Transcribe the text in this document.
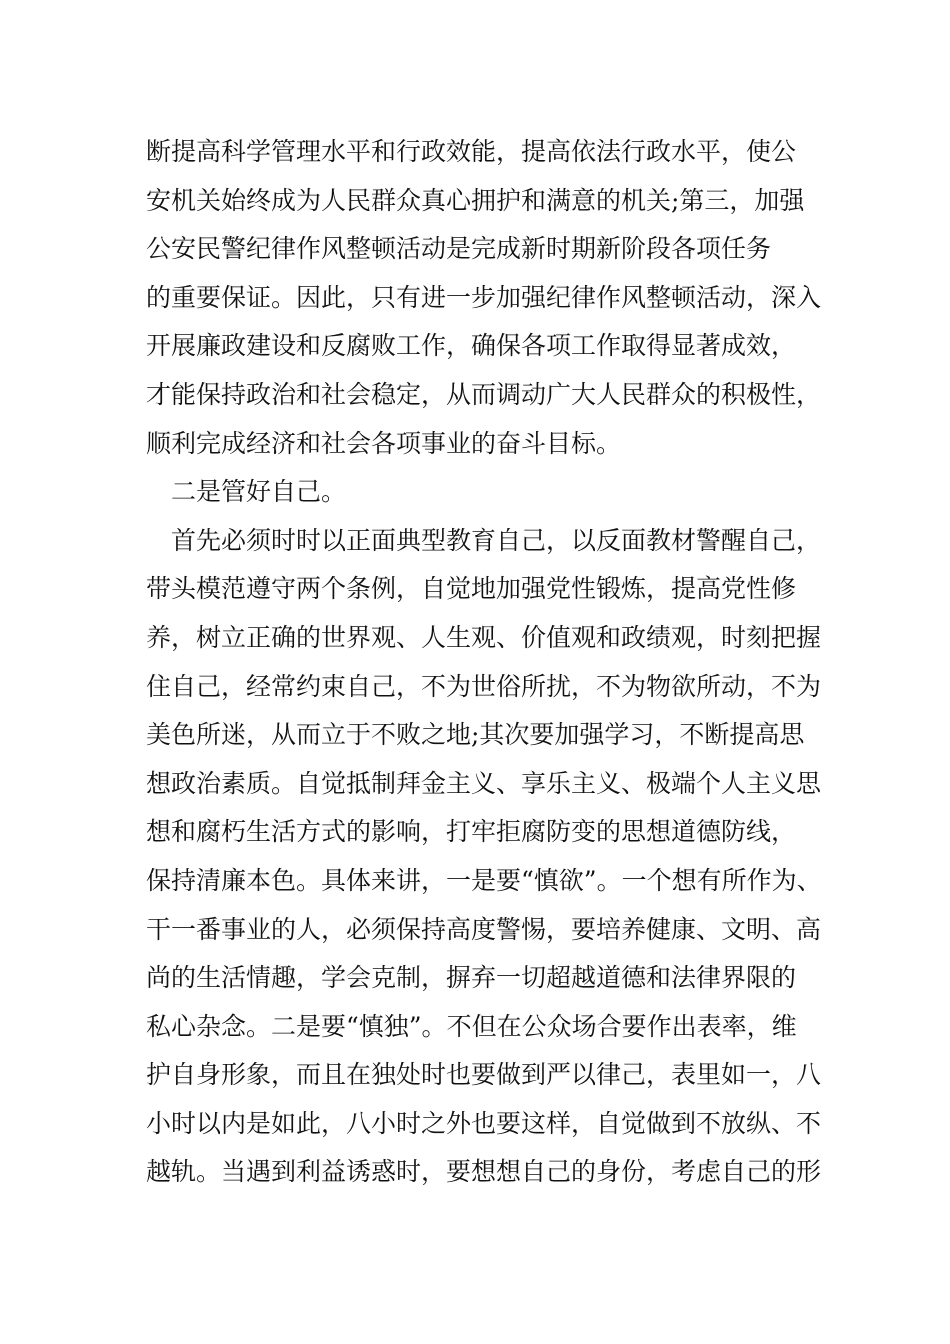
断提高科学管理水平和行政效能，提高依法行政水平，使公
安机关始终成为人民群众真心拥护和满意的机关;第三，加强
公安民警纪律作风整顿活动是完成新时期新阶段各项任务
的重要保证。因此，只有进一步加强纪律作风整顿活动，深入
开展廉政建设和反腐败工作，确保各项工作取得显著成效，
才能保持政治和社会稳定，从而调动广大人民群众的积极性，
顺利完成经济和社会各项事业的奋斗目标。
二是管好自己。
首先必须时时以正面典型教育自己，以反面教材警醒自己，
带头模范遵守两个条例，自觉地加强党性锻炼，提高党性修
养，树立正确的世界观、人生观、价值观和政绩观，时刻把握
住自己，经常约束自己，不为世俗所扰，不为物欲所动，不为
美色所迷，从而立于不败之地;其次要加强学习，不断提高思
想政治素质。自觉抵制拜金主义、享乐主义、极端个人主义思
想和腐朽生活方式的影响，打牢拒腐防变的思想道德防线，
保持清廉本色。具体来讲，一是要“慎欲”。一个想有所作为、
干一番事业的人，必须保持高度警惕，要培养健康、文明、高
尚的生活情趣，学会克制，摒弃一切超越道德和法律界限的
私心杂念。二是要“慎独”。不但在公众场合要作出表率，维
护自身形象，而且在独处时也要做到严以律己，表里如一，八
小时以内是如此，八小时之外也要这样，自觉做到不放纵、不
越轨。当遇到利益诱惑时，要想想自己的身份，考虑自己的形
